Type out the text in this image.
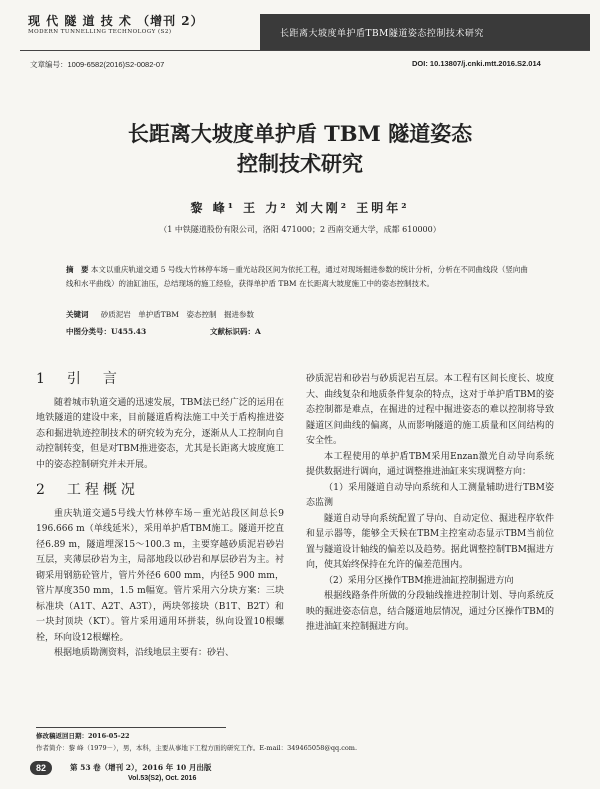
现 代 隧 道 技 术 （增刊 2）
MODERN TUNNELLING TECHNOLOGY (S2)	长距离大坡度单护盾TBM隧道姿态控制技术研究
文章编号：1009-6582(2016)S2-0082-07	DOI: 10.13807/j.cnki.mtt.2016.S2.014
长距离大坡度单护盾 TBM 隧道姿态
控制技术研究
黎 峰¹ 王 力² 刘大刚² 王明年²
（1 中铁隧道股份有限公司，洛阳 471000；2 西南交通大学，成都 610000）
摘　要 本文以重庆轨道交通 5 号线大竹林停车场－重光站段区间为依托工程，通过对现场掘进参数的统计分析，分析在不同曲线段（竖向曲线和水平曲线）的油缸油压，总结现场的施工经验，获得单护盾 TBM 在长距离大坡度施工中的姿态控制技术。
关键词 　 砂质泥岩　单护盾TBM　姿态控制　掘进参数
中图分类号：U455.43	文献标识码：A
1　引　言

随着城市轨道交通的迅速发展，TBM法已经广泛的运用在地铁隧道的建设中来，目前隧道盾构法施工中关于盾构推进姿态和掘进轨迹控制技术的研究较为充分，逐渐从人工控制向自动控制转变，但是对TBM推进姿态，尤其是长距离大坡度施工中的姿态控制研究并未开展。

2　工程概况

重庆轨道交通5号线大竹林停车场－重光站段区间总长9 196.666 m（单线延米），采用单护盾TBM施工。隧道开挖直径6.89 m，隧道埋深15～100.3 m，主要穿越砂质泥岩砂岩互层，夹薄层砂岩为主，局部地段以砂岩和厚层砂岩为主。衬砌采用钢筋砼管片，管片外径6 600 mm，内径5 900 mm，管片厚度350 mm，1.5 m幅宽。管片采用六分块方案：三块标准块（A1T、A2T、A3T），两块邻接块（B1T、B2T）和一块封顶块（KT）。管片采用通用环拼装，纵向设置10根螺栓，环向设12根螺栓。

根据地质勘测资料，沿线地层主要有：砂岩、

砂质泥岩和砂岩与砂质泥岩互层。本工程有区间长度长、坡度大、曲线复杂和地质条件复杂的特点，这对于单护盾TBM的姿态控制都是难点，在掘进的过程中掘进姿态的难以控制将导致隧道区间曲线的偏离，从而影响隧道的施工质量和区间结构的安全性。

本工程使用的单护盾TBM采用Enzan激光自动导向系统提供数据进行调向，通过调整推进油缸来实现调整方向：

（1）采用隧道自动导向系统和人工测量辅助进行TBM姿态监测

隧道自动导向系统配置了导向、自动定位、掘进程序软件和显示器等，能够全天候在TBM主控室动态显示TBM当前位置与隧道设计轴线的偏差以及趋势。据此调整控制TBM掘进方向，使其始终保持在允许的偏差范围内。

（2）采用分区操作TBM推进油缸控制掘进方向

根据线路条件所做的分段轴线推进控制计划、导向系统反映的掘进姿态信息，结合隧道地层情况，通过分区操作TBM的推进油缸来控制掘进方向。

修改稿返回日期：2016-05-22
作者简介：黎 峰（1979－），男，本科，主要从事地下工程方面的研究工作。E-mail：349465058@qq.com.
82	第 53 卷（增刊 2），2016 年 10 月出版
Vol.53(S2), Oct. 2016
